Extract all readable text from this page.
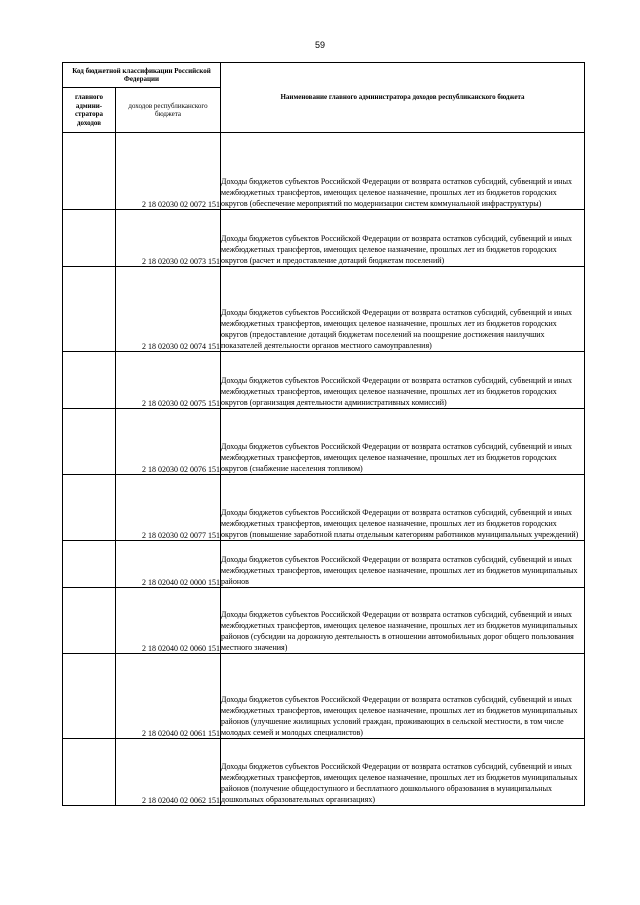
59
Код бюджетной классификации Российской Федерации		Наименование главного администратора доходов республиканского бюджета
главного админи-стратора доходов	доходов республиканского бюджета	
	2 18 02030 02 0072 151	Доходы бюджетов субъектов Российской Федерации от возврата остатков субсидий, субвенций и иных межбюджетных трансфертов, имеющих целевое назначение, прошлых лет из бюджетов городских округов (обеспечение мероприятий по модернизации систем коммунальной инфраструктуры)
	2 18 02030 02 0073 151	Доходы бюджетов субъектов Российской Федерации от возврата остатков субсидий, субвенций и иных межбюджетных трансфертов, имеющих целевое назначение, прошлых лет из бюджетов городских округов (расчет и предоставление дотаций бюджетам поселений)
	2 18 02030 02 0074 151	Доходы бюджетов субъектов Российской Федерации от возврата остатков субсидий, субвенций и иных межбюджетных трансфертов, имеющих целевое назначение, прошлых лет из бюджетов городских округов (предоставление дотаций бюджетам поселений на поощрение достижения наилучших показателей деятельности органов местного самоуправления)
	2 18 02030 02 0075 151	Доходы бюджетов субъектов Российской Федерации от возврата остатков субсидий, субвенций и иных межбюджетных трансфертов, имеющих целевое назначение, прошлых лет из бюджетов городских округов (организация деятельности административных комиссий)
	2 18 02030 02 0076 151	Доходы бюджетов субъектов Российской Федерации от возврата остатков субсидий, субвенций и иных межбюджетных трансфертов, имеющих целевое назначение, прошлых лет из бюджетов городских округов (снабжение населения топливом)
	2 18 02030 02 0077 151	Доходы бюджетов субъектов Российской Федерации от возврата остатков субсидий, субвенций и иных межбюджетных трансфертов, имеющих целевое назначение, прошлых лет из бюджетов городских округов (повышение заработной платы отдельным категориям работников муниципальных учреждений)
	2 18 02040 02 0000 151	Доходы бюджетов субъектов Российской Федерации от возврата остатков субсидий, субвенций и иных межбюджетных трансфертов, имеющих целевое назначение, прошлых лет из бюджетов муниципальных районов
	2 18 02040 02 0060 151	Доходы бюджетов субъектов Российской Федерации от возврата остатков субсидий, субвенций и иных межбюджетных трансфертов, имеющих целевое назначение, прошлых лет из бюджетов муниципальных районов (субсидии на дорожную деятельность в отношении автомобильных дорог общего пользования местного значения)
	2 18 02040 02 0061 151	Доходы бюджетов субъектов Российской Федерации от возврата остатков субсидий, субвенций и иных межбюджетных трансфертов, имеющих целевое назначение, прошлых лет из бюджетов муниципальных районов (улучшение жилищных условий граждан, проживающих в сельской местности, в том числе молодых семей и молодых специалистов)
	2 18 02040 02 0062 151	Доходы бюджетов субъектов Российской Федерации от возврата остатков субсидий, субвенций и иных межбюджетных трансфертов, имеющих целевое назначение, прошлых лет из бюджетов муниципальных районов (получение общедоступного и бесплатного дошкольного образования в муниципальных дошкольных образовательных организациях)
